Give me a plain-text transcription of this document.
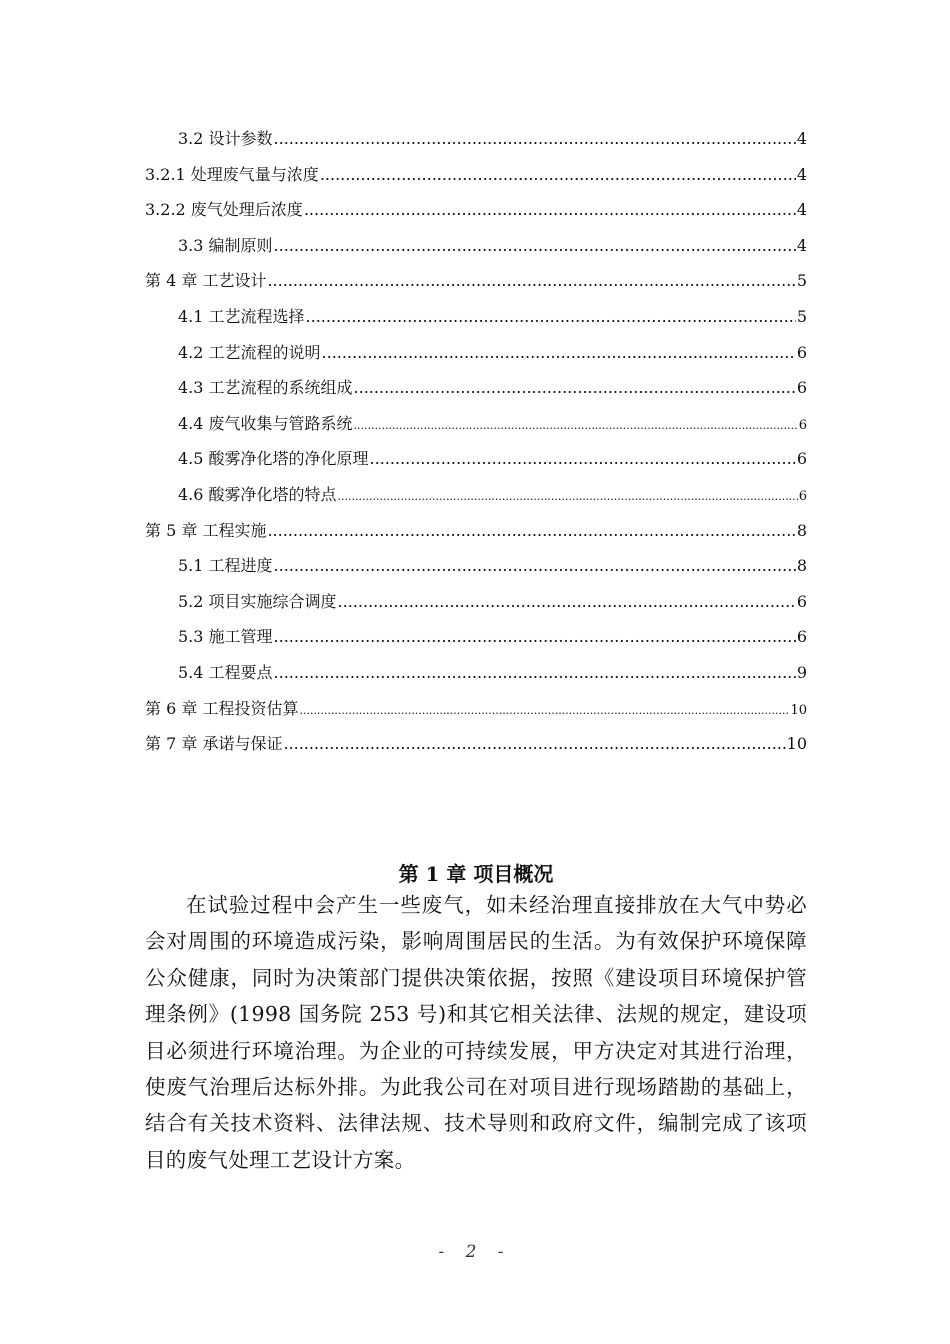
3.2 设计参数 .....	4
3.2.1 处理废气量与浓度 .....	4
3.2.2 废气处理后浓度 .....	4
3.3 编制原则 .....	4
第 4 章 工艺设计 .....	5
4.1 工艺流程选择 .....	5
4.2 工艺流程的说明 .....	6
4.3 工艺流程的系统组成 .....	6
4.4 废气收集与管路系统 .....	6
4.5 酸雾净化塔的净化原理 .....	6
4.6 酸雾净化塔的特点 .....	6
第 5 章 工程实施 .....	8
5.1 工程进度 .....	8
5.2 项目实施综合调度 .....	6
5.3 施工管理 .....	6
5.4 工程要点 .....	9
第 6 章 工程投资估算 .....	10
第 7 章 承诺与保证 .....	10
第 1 章 项目概况
在试验过程中会产生一些废气，如未经治理直接排放在大气中势必会对周围的环境造成污染，影响周围居民的生活。为有效保护环境保障公众健康，同时为决策部门提供决策依据，按照《建设项目环境保护管理条例》(1998 国务院 253 号)和其它相关法律、法规的规定，建设项目必须进行环境治理。为企业的可持续发展，甲方决定对其进行治理，使废气治理后达标外排。为此我公司在对项目进行现场踏勘的基础上，结合有关技术资料、法律法规、技术导则和政府文件，编制完成了该项目的废气处理工艺设计方案。
- 2 -
